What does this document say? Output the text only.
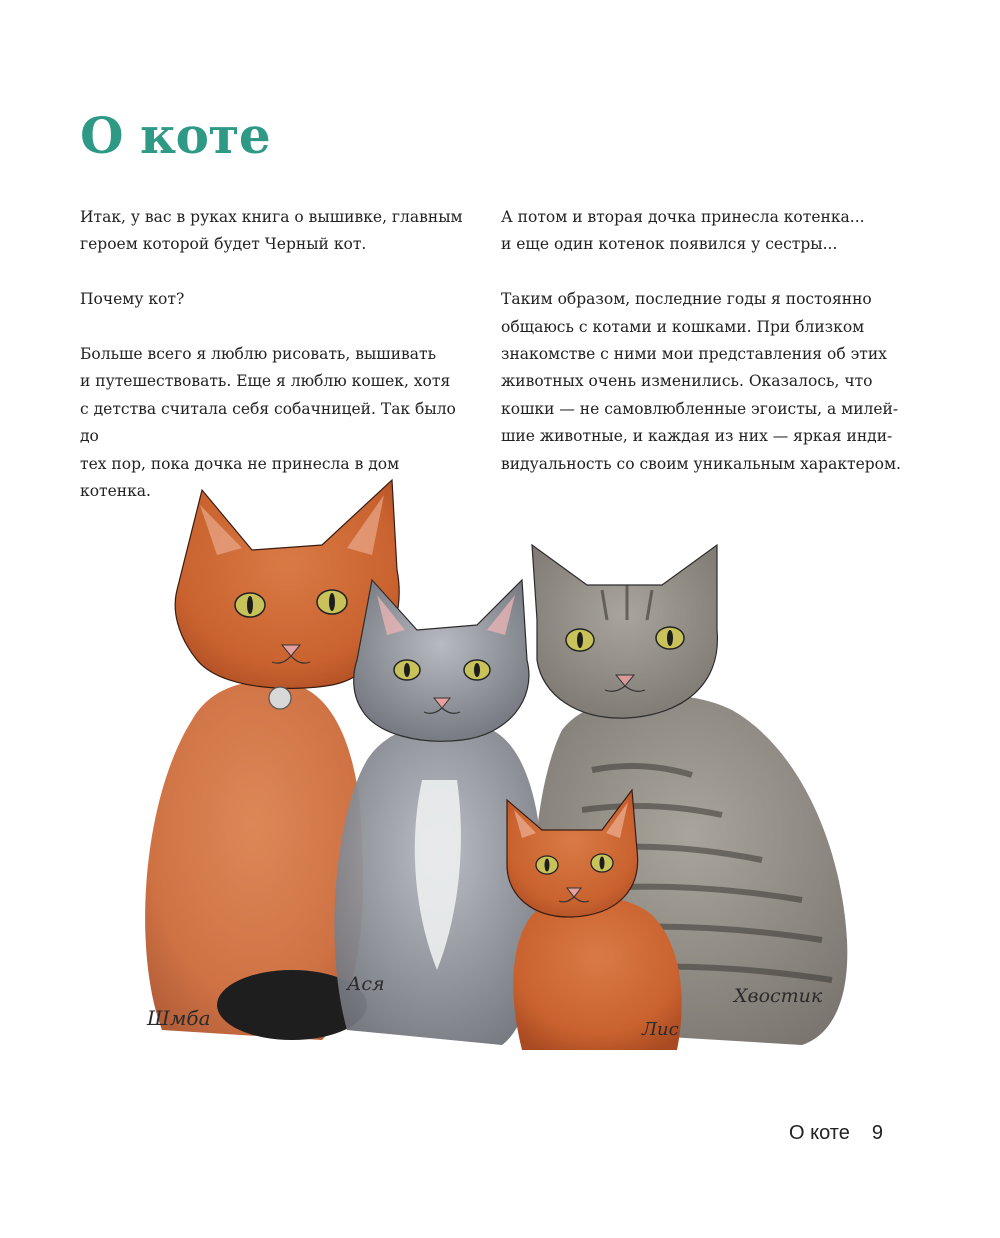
О коте

Итак, у вас в руках книга о вышивке, главным
героем которой будет Черный кот.

Почему кот?

Больше всего я люблю рисовать, вышивать
и путешествовать. Еще я люблю кошек, хотя
с детства считала себя собачницей. Так было до
тех пор, пока дочка не принесла в дом котенка.

А потом и вторая дочка принесла котенка...
и еще один котенок появился у сестры...

Таким образом, последние годы я постоянно
общаюсь с котами и кошками. При близком
знакомстве с ними мои представления об этих
животных очень изменились. Оказалось, что
кошки — не самовлюбленные эгоисты, а милей-
шие животные, и каждая из них — яркая инди-
видуальность со своим уникальным характером.

Шмба
Ася
Хвостик
Лис
О коте 9
